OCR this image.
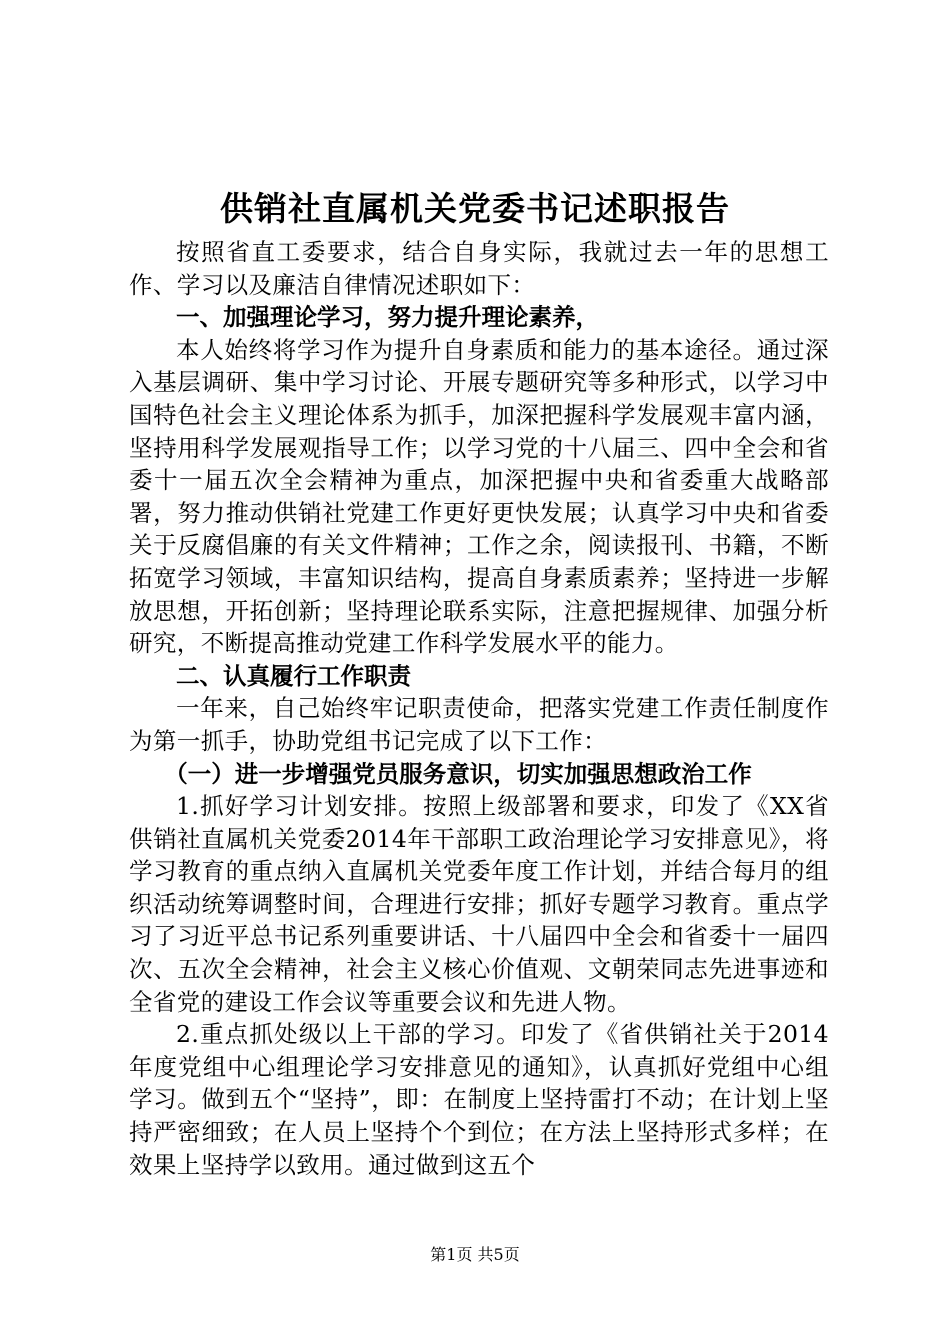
供销社直属机关党委书记述职报告

按照省直工委要求，结合自身实际，我就过去一年的思想工作、学习以及廉洁自律情况述职如下：

一、加强理论学习，努力提升理论素养，

本人始终将学习作为提升自身素质和能力的基本途径。通过深入基层调研、集中学习讨论、开展专题研究等多种形式，以学习中国特色社会主义理论体系为抓手，加深把握科学发展观丰富内涵，坚持用科学发展观指导工作；以学习党的十八届三、四中全会和省委十一届五次全会精神为重点，加深把握中央和省委重大战略部署，努力推动供销社党建工作更好更快发展；认真学习中央和省委关于反腐倡廉的有关文件精神；工作之余，阅读报刊、书籍，不断拓宽学习领域，丰富知识结构，提高自身素质素养；坚持进一步解放思想，开拓创新；坚持理论联系实际，注意把握规律、加强分析研究，不断提高推动党建工作科学发展水平的能力。

二、认真履行工作职责

一年来，自己始终牢记职责使命，把落实党建工作责任制度作为第一抓手，协助党组书记完成了以下工作：

（一）进一步增强党员服务意识，切实加强思想政治工作

1.抓好学习计划安排。按照上级部署和要求，印发了《XX省供销社直属机关党委2014年干部职工政治理论学习安排意见》，将学习教育的重点纳入直属机关党委年度工作计划，并结合每月的组织活动统筹调整时间，合理进行安排；抓好专题学习教育。重点学习了习近平总书记系列重要讲话、十八届四中全会和省委十一届四次、五次全会精神，社会主义核心价值观、文朝荣同志先进事迹和全省党的建设工作会议等重要会议和先进人物。

2.重点抓处级以上干部的学习。印发了《省供销社关于2014年度党组中心组理论学习安排意见的通知》，认真抓好党组中心组学习。做到五个“坚持”，即：在制度上坚持雷打不动；在计划上坚持严密细致；在人员上坚持个个到位；在方法上坚持形式多样；在效果上坚持学以致用。通过做到这五个

第1页 共5页
